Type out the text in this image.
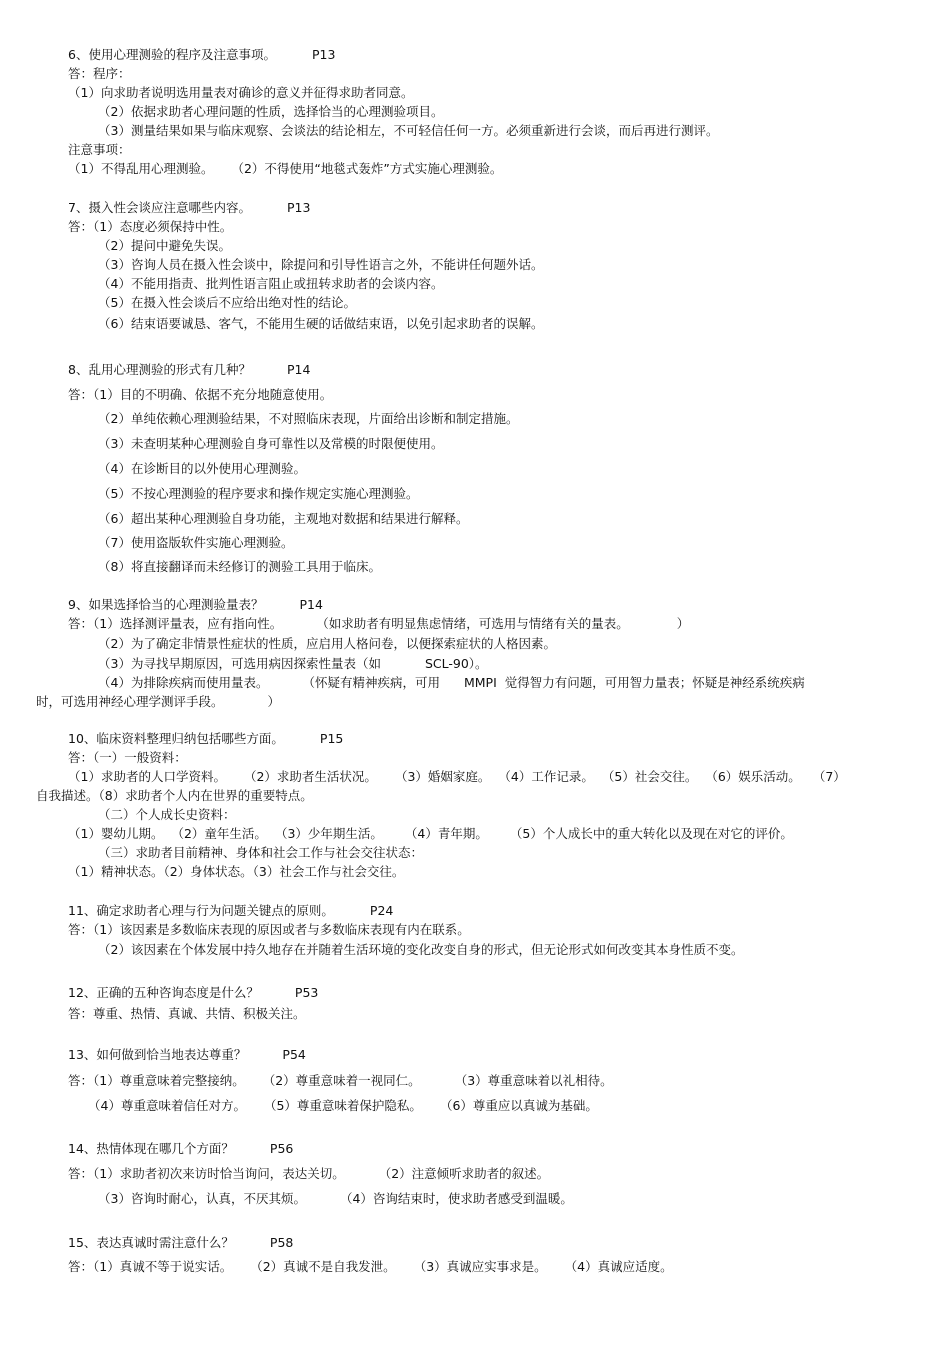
6、使用心理测验的程序及注意事项。	P13
答：程序：
（1）向求助者说明选用量表对确诊的意义并征得求助者同意。
（2）依据求助者心理问题的性质，选择恰当的心理测验项目。
（3）测量结果如果与临床观察、会谈法的结论相左，不可轻信任何一方。必须重新进行会谈，而后再进行测评。
注意事项：
（1）不得乱用心理测验。 （2）不得使用“地毯式轰炸”方式实施心理测验。
7、摄入性会谈应注意哪些内容。	P13
答：（1）态度必须保持中性。
（2）提问中避免失误。
（3）咨询人员在摄入性会谈中，除提问和引导性语言之外，不能讲任何题外话。
（4）不能用指责、批判性语言阻止或扭转求助者的会谈内容。
（5）在摄入性会谈后不应给出绝对性的结论。
（6）结束语要诚恳、客气，不能用生硬的话做结束语，以免引起求助者的误解。
8、乱用心理测验的形式有几种？	P14
答：（1）目的不明确、依据不充分地随意使用。
（2）单纯依赖心理测验结果，不对照临床表现，片面给出诊断和制定措施。
（3）未查明某种心理测验自身可靠性以及常模的时限便使用。
（4）在诊断目的以外使用心理测验。
（5）不按心理测验的程序要求和操作规定实施心理测验。
（6）超出某种心理测验自身功能，主观地对数据和结果进行解释。
（7）使用盗版软件实施心理测验。
（8）将直接翻译而未经修订的测验工具用于临床。
9、如果选择恰当的心理测验量表？	P14
答：（1）选择测评量表，应有指向性。	（如求助者有明显焦虑情绪，可选用与情绪有关的量表。	）
（2）为了确定非情景性症状的性质，应启用人格问卷，以便探索症状的人格因素。
（3）为寻找早期原因，可选用病因探索性量表（如	SCL-90）。
（4）为排除疾病而使用量表。	（怀疑有精神疾病，可用 MMPI 觉得智力有问题，可用智力量表；怀疑是神经系统疾病
时，可选用神经心理学测评手段。	）
10、临床资料整理归纳包括哪些方面。	P15
答：（一）一般资料：
（1）求助者的人口学资料。 （2）求助者生活状况。 （3）婚姻家庭。 （4）工作记录。 （5）社会交往。 （6）娱乐活动。 （7）
自我描述。（8）求助者个人内在世界的重要特点。
（二）个人成长史资料：
（1）婴幼儿期。 （2）童年生活。 （3）少年期生活。 （4）青年期。 （5）个人成长中的重大转化以及现在对它的评价。
（三）求助者目前精神、身体和社会工作与社会交往状态：
（1）精神状态。（2）身体状态。（3）社会工作与社会交往。
11、确定求助者心理与行为问题关键点的原则。	P24
答：（1）该因素是多数临床表现的原因或者与多数临床表现有内在联系。
（2）该因素在个体发展中持久地存在并随着生活环境的变化改变自身的形式，但无论形式如何改变其本身性质不变。
12、正确的五种咨询态度是什么？	P53
答：尊重、热情、真诚、共情、积极关注。
13、如何做到恰当地表达尊重？	P54
答：（1）尊重意味着完整接纳。 （2）尊重意味着一视同仁。	（3）尊重意味着以礼相待。
（4）尊重意味着信任对方。 （5）尊重意味着保护隐私。 （6）尊重应以真诚为基础。
14、热情体现在哪几个方面？	P56
答：（1）求助者初次来访时恰当询问，表达关切。	（2）注意倾听求助者的叙述。
（3）咨询时耐心，认真，不厌其烦。	（4）咨询结束时，使求助者感受到温暖。
15、表达真诚时需注意什么？	P58
答：（1）真诚不等于说实话。 （2）真诚不是自我发泄。 （3）真诚应实事求是。 （4）真诚应适度。
